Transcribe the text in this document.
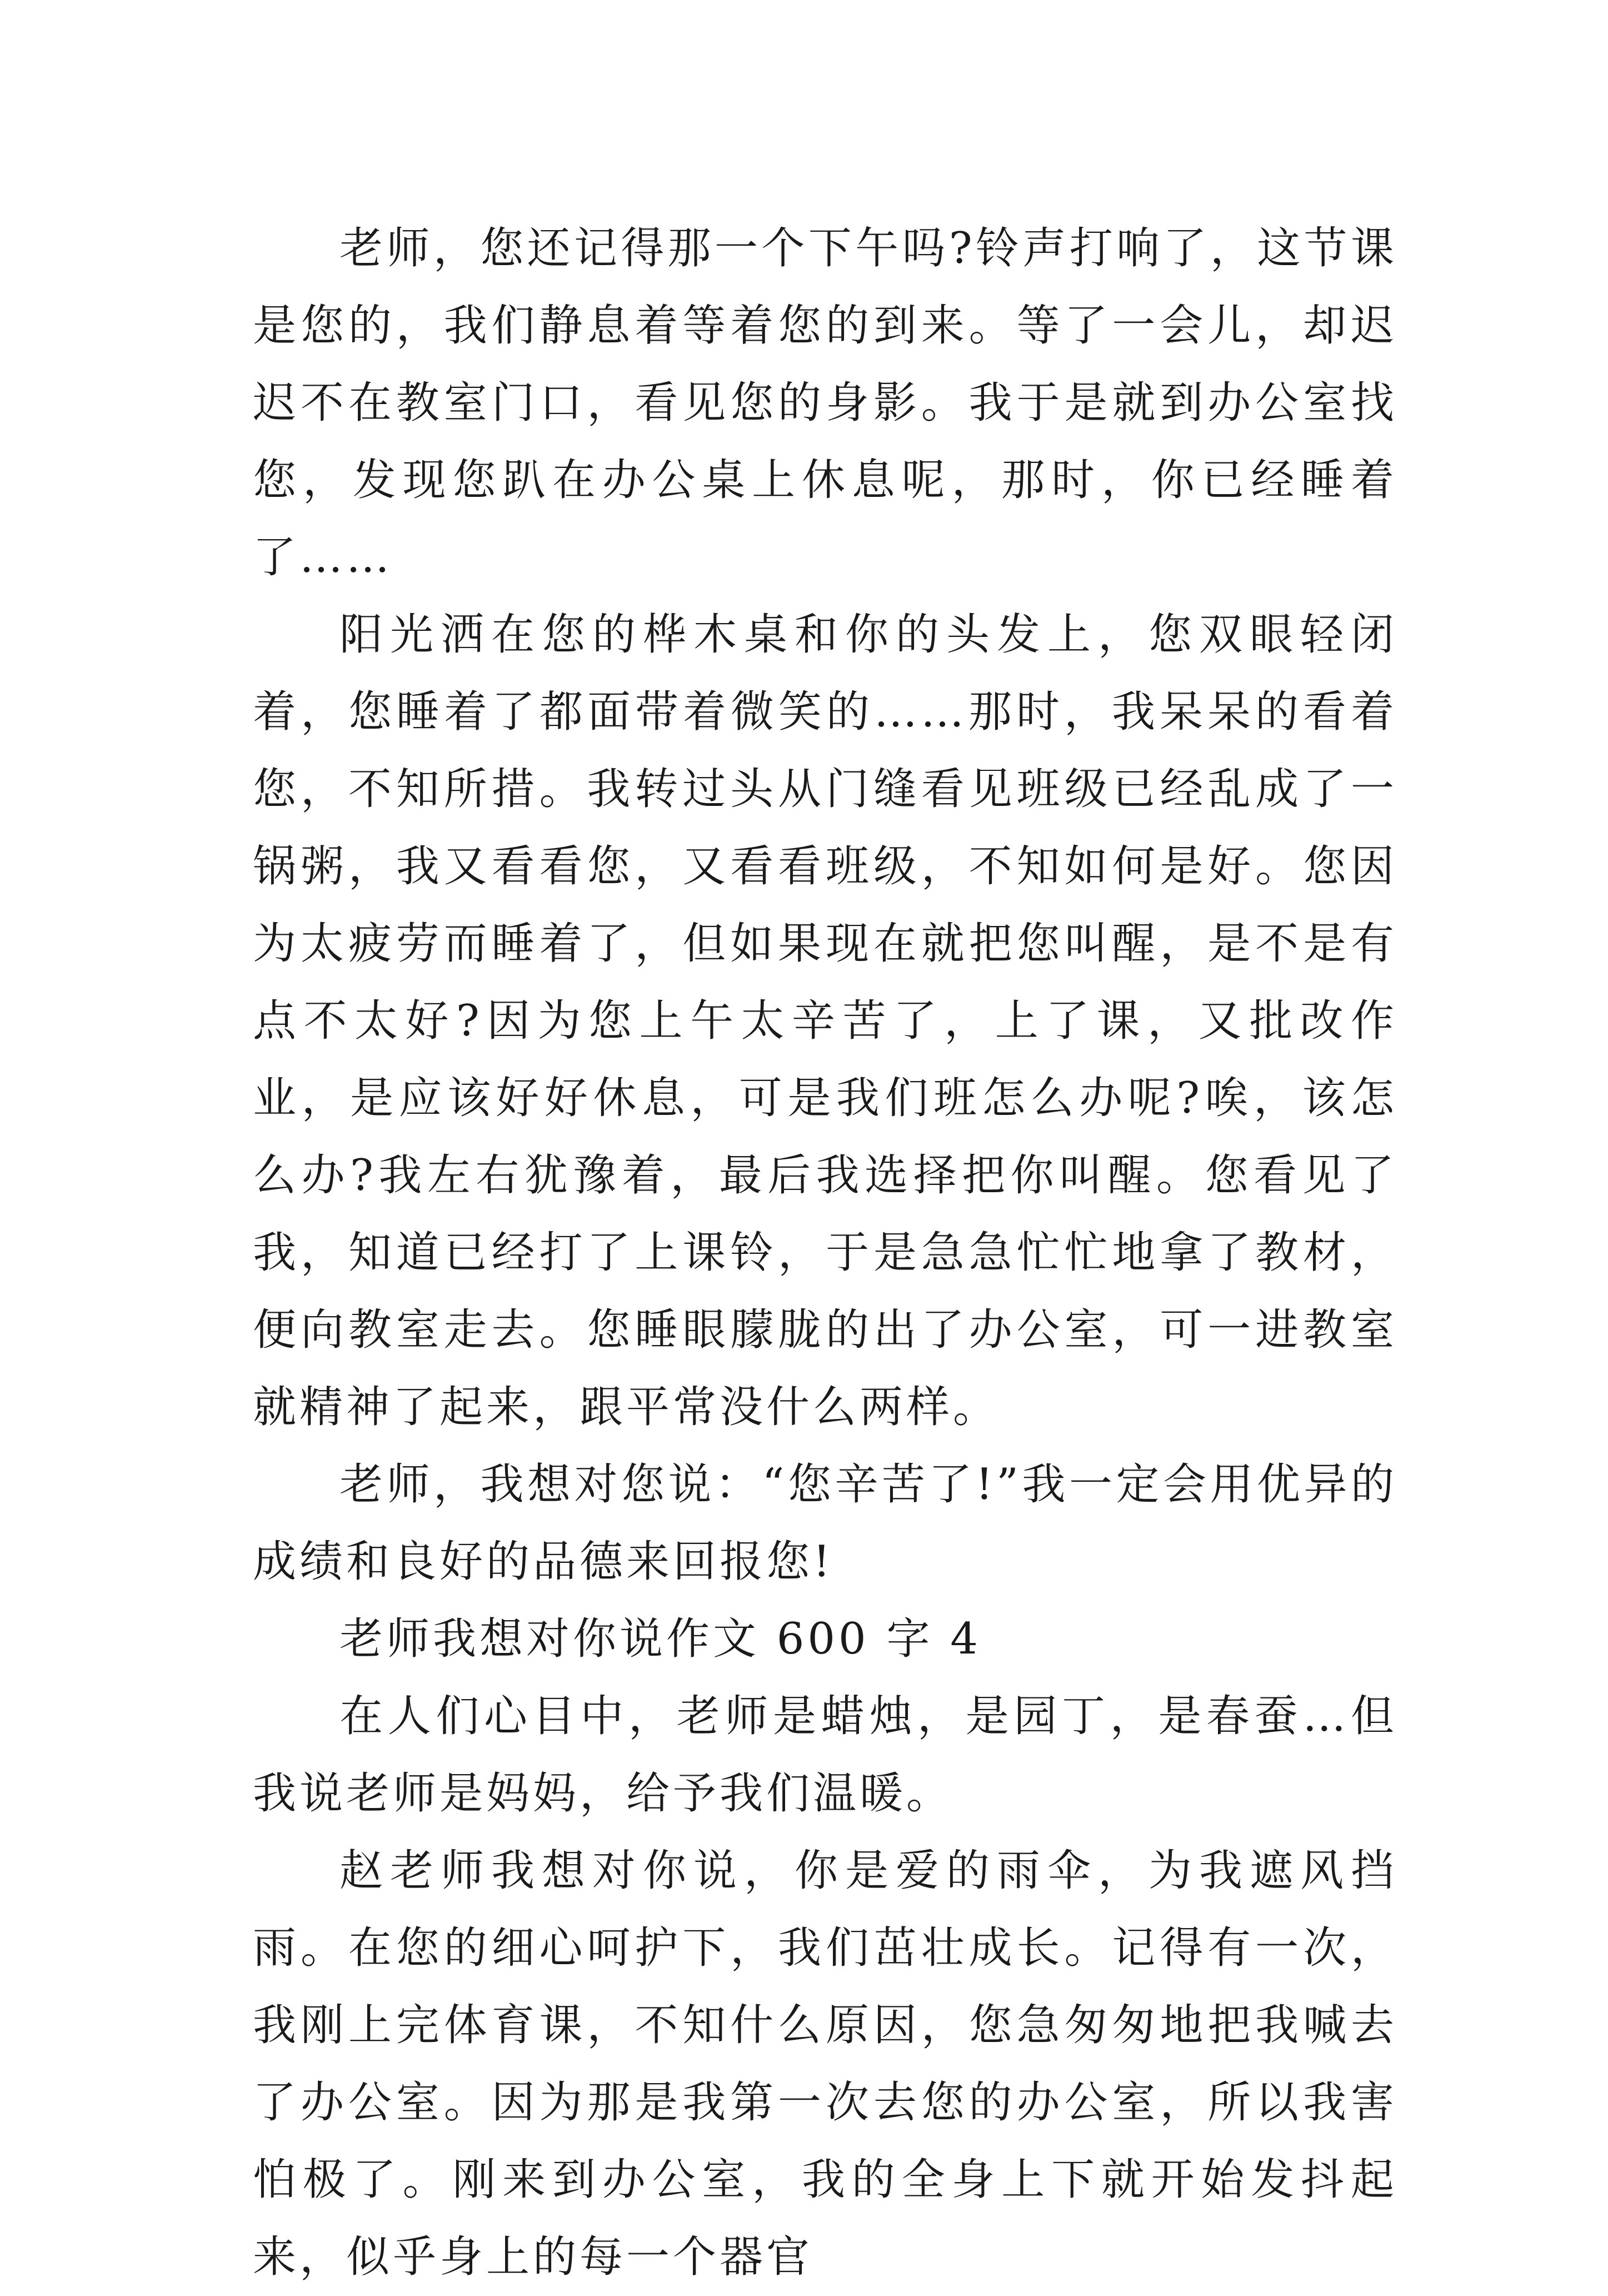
老师，您还记得那一个下午吗?铃声打响了，这节课是您的，我们静息着等着您的到来。等了一会儿，却迟迟不在教室门口，看见您的身影。我于是就到办公室找您，发现您趴在办公桌上休息呢，那时，你已经睡着了……

阳光洒在您的桦木桌和你的头发上，您双眼轻闭着，您睡着了都面带着微笑的……那时，我呆呆的看着您，不知所措。我转过头从门缝看见班级已经乱成了一锅粥，我又看看您，又看看班级，不知如何是好。您因为太疲劳而睡着了，但如果现在就把您叫醒，是不是有点不太好?因为您上午太辛苦了，上了课，又批改作业，是应该好好休息，可是我们班怎么办呢?唉，该怎么办?我左右犹豫着，最后我选择把你叫醒。您看见了我，知道已经打了上课铃，于是急急忙忙地拿了教材，便向教室走去。您睡眼朦胧的出了办公室，可一进教室就精神了起来，跟平常没什么两样。

老师，我想对您说：“您辛苦了!”我一定会用优异的成绩和良好的品德来回报您!

老师我想对你说作文 600 字 4

在人们心目中，老师是蜡烛，是园丁，是春蚕…但我说老师是妈妈，给予我们温暖。

赵老师我想对你说，你是爱的雨伞，为我遮风挡雨。在您的细心呵护下，我们茁壮成长。记得有一次，我刚上完体育课，不知什么原因，您急匆匆地把我喊去了办公室。因为那是我第一次去您的办公室，所以我害怕极了。刚来到办公室，我的全身上下就开始发抖起来，似乎身上的每一个器官
